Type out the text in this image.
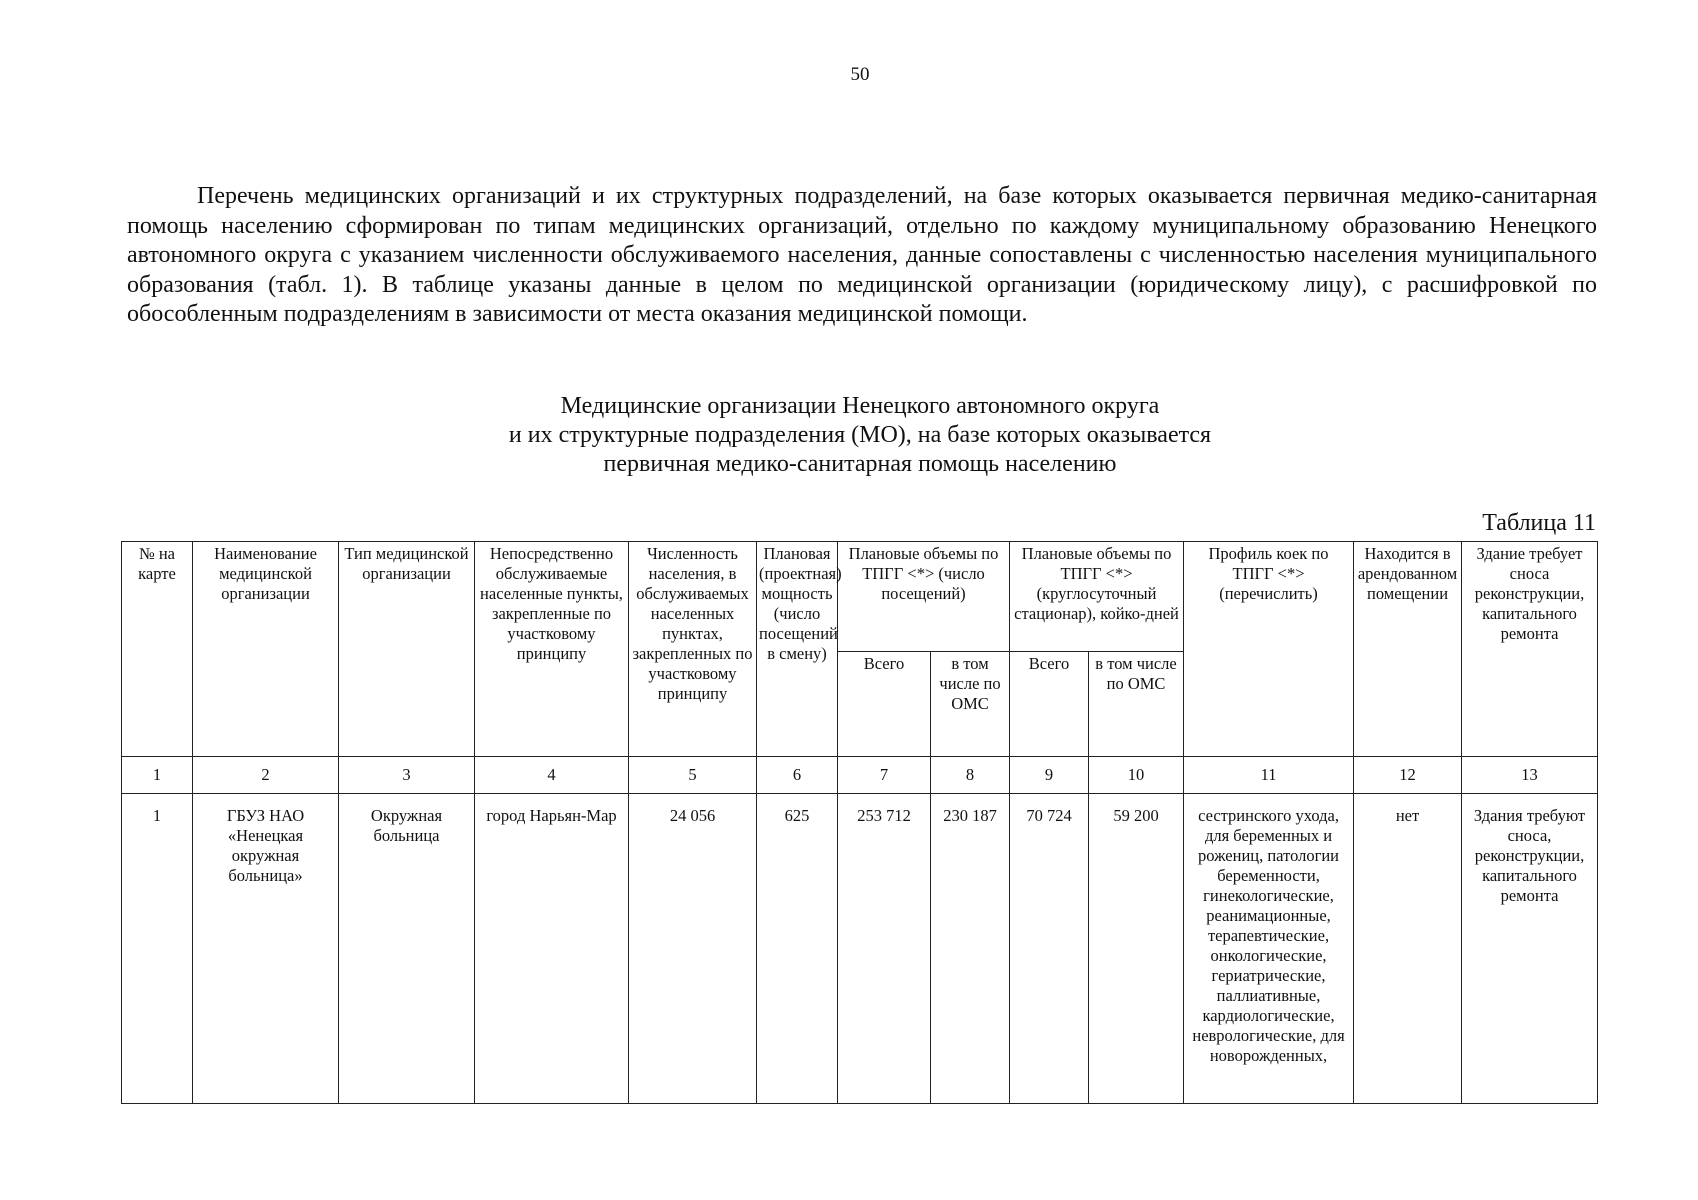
50

Перечень медицинских организаций и их структурных подразделений, на базе которых оказывается первичная медико-санитарная помощь населению сформирован по типам медицинских организаций, отдельно по каждому муниципальному образованию Ненецкого автономного округа с указанием численности обслуживаемого населения, данные сопоставлены с численностью населения муниципального образования (табл. 1). В таблице указаны данные в целом по медицинской организации (юридическому лицу), с расшифровкой по обособленным подразделениям в зависимости от места оказания медицинской помощи.

Медицинские организации Ненецкого автономного округа
и их структурные подразделения (МО), на базе которых оказывается
первичная медико-санитарная помощь населению
Таблица 11
№ на карте	Наименование медицинской организации	Тип медицинской организации	Непосредственно обслуживаемые населенные пункты, закрепленные по участковому принципу	Численность населения, в обслуживаемых населенных пунктах, закрепленных по участковому принципу	Плановая (проектная) мощность (число посещений в смену)	Плановые объемы по ТПГГ <*> (число посещений)		Плановые объемы по ТПГГ <*> (круглосуточный стационар), койко-дней		Профиль коек по ТПГГ <*> (перечислить)	Находится в арендованном помещении	Здание требует сноса реконструкции, капитального ремонта
						Всего	в том числе по ОМС	Всего	в том числе по ОМС			
1	2	3	4	5	6	7	8	9	10	11	12	13
1	ГБУЗ НАО «Ненецкая окружная больница»	Окружная больница	город Нарьян-Мар	24 056	625	253 712	230 187	70 724	59 200	сестринского ухода, для беременных и рожениц, патологии беременности, гинекологические, реанимационные, терапевтические, онкологические, гериатрические, паллиативные, кардиологические, неврологические, для новорожденных,	нет	Здания требуют сноса, реконструкции, капитального ремонта
